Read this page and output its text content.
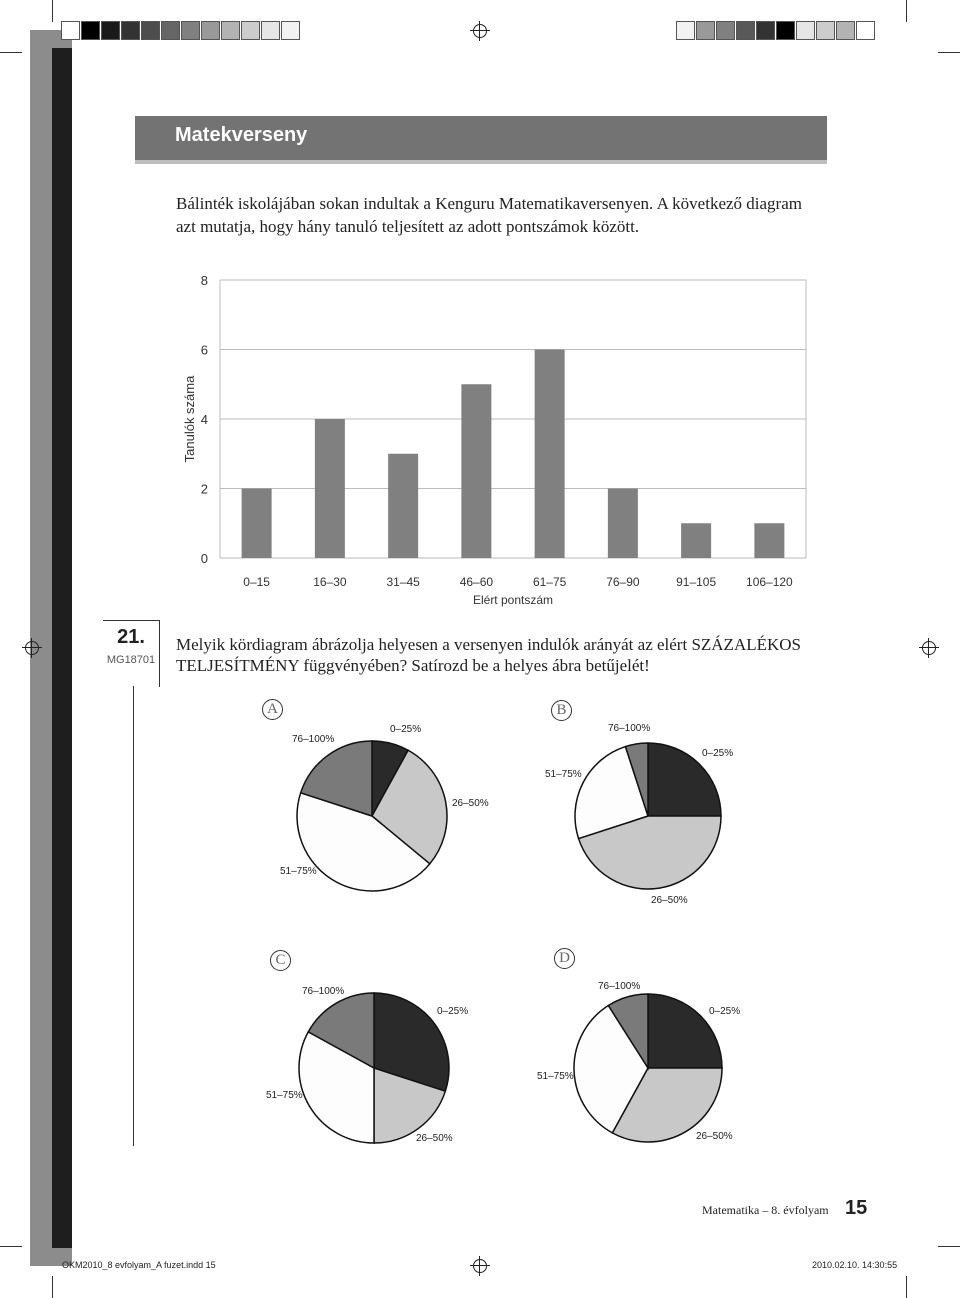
Matekverseny
Bálinték iskolájában sokan indultak a Kenguru Matematikaversenyen. A következő diagram azt mutatja, hogy hány tanuló teljesített az adott pontszámok között.
0
2
4
6
8
0–15	16–30	31–45	46–60	61–75	76–90	91–105 106–120
Elért pontszám
Tanulók száma
21.
MG18701
Melyik kördiagram ábrázolja helyesen a versenyen indulók arányát az elért SZÁZALÉKOS TELJESÍTMÉNY függvényében? Satírozd be a helyes ábra betűjelét!
A
0–25%
26–50%
51–75%
76–100%
B
0–25%
26–50%
51–75%
76–100%
C
0–25%
26–50%
51–75%
76–100%
D
0–25%
26–50%
51–75%
76–100%
Matematika – 8. évfolyam 15
OKM2010_8 evfolyam_A fuzet.indd 15	2010.02.10. 14:30:55
